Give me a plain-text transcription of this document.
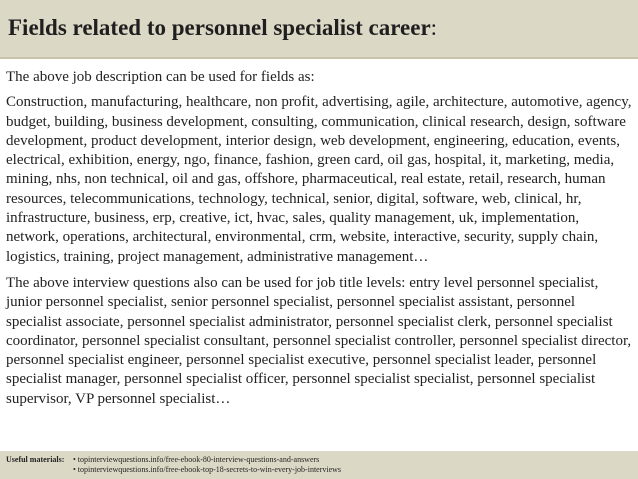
Fields related to personnel specialist career:

The above job description can be used for fields as:

Construction, manufacturing, healthcare, non profit, advertising, agile, architecture, automotive, agency, budget, building, business development, consulting, communication, clinical research, design, software development, product development, interior design, web development, engineering, education, events, electrical, exhibition, energy, ngo, finance, fashion, green card, oil gas, hospital, it, marketing, media, mining, nhs, non technical, oil and gas, offshore, pharmaceutical, real estate, retail, research, human resources, telecommunications, technology, technical, senior, digital, software, web, clinical, hr, infrastructure, business, erp, creative, ict, hvac, sales, quality management, uk, implementation, network, operations, architectural, environmental, crm, website, interactive, security, supply chain, logistics, training, project management, administrative management…

The above interview questions also can be used for job title levels: entry level personnel specialist, junior personnel specialist, senior personnel specialist, personnel specialist assistant, personnel specialist associate, personnel specialist administrator, personnel specialist clerk, personnel specialist coordinator, personnel specialist consultant, personnel specialist controller, personnel specialist director, personnel specialist engineer, personnel specialist executive, personnel specialist leader, personnel specialist manager, personnel specialist officer, personnel specialist specialist, personnel specialist supervisor, VP personnel specialist…

Useful materials: • topinterviewquestions.info/free-ebook-80-interview-questions-and-answers
• topinterviewquestions.info/free-ebook-top-18-secrets-to-win-every-job-interviews
